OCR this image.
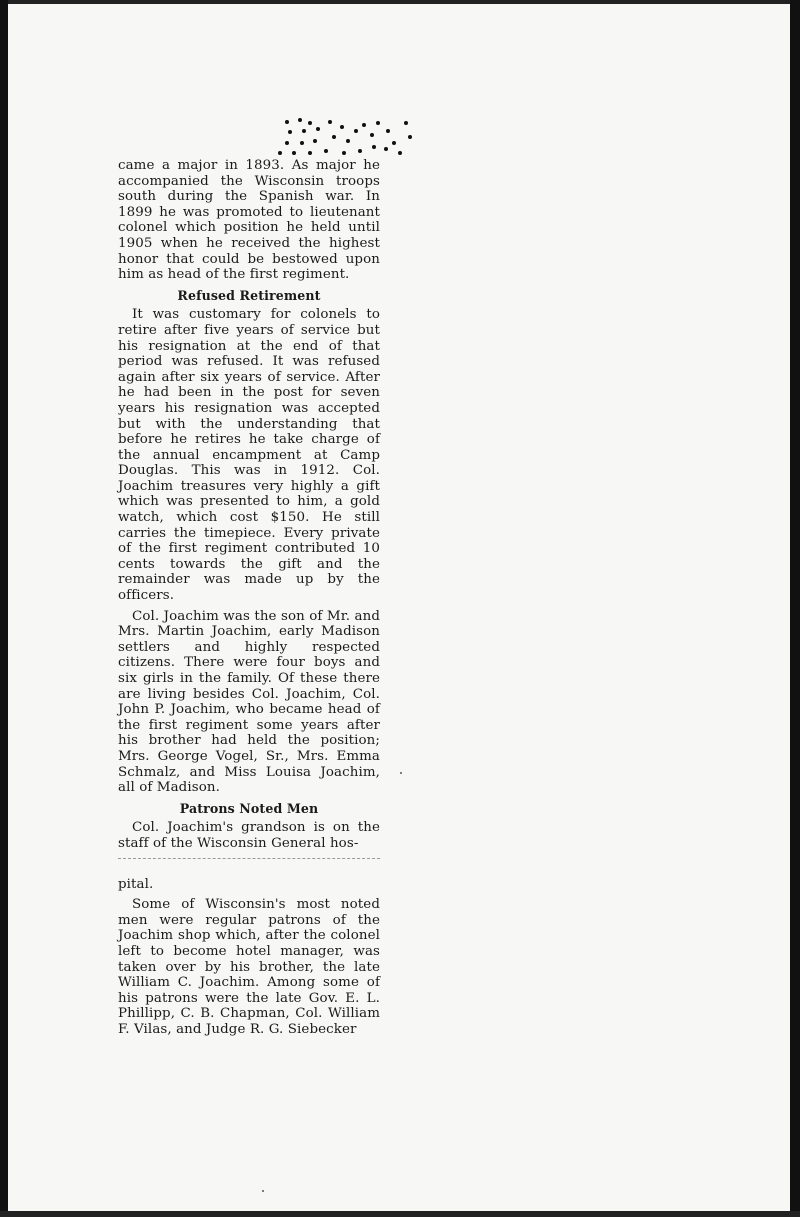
came a major in 1893. As major he accompanied the Wisconsin troops south during the Spanish war. In 1899 he was promoted to lieutenant colonel which position he held until 1905 when he received the highest honor that could be bestowed upon him as head of the first regiment.

Refused Retirement

It was customary for colonels to retire after five years of service but his resignation at the end of that period was refused. It was refused again after six years of service. After he had been in the post for seven years his resignation was accepted but with the understanding that before he retires he take charge of the annual encampment at Camp Douglas. This was in 1912. Col. Joachim treasures very highly a gift which was presented to him, a gold watch, which cost $150. He still carries the timepiece. Every private of the first regiment contributed 10 cents towards the gift and the remainder was made up by the officers.

Col. Joachim was the son of Mr. and Mrs. Martin Joachim, early Madison settlers and highly respected citizens. There were four boys and six girls in the family. Of these there are living besides Col. Joachim, Col. John P. Joachim, who became head of the first regiment some years after his brother had held the position; Mrs. George Vogel, Sr., Mrs. Emma Schmalz, and Miss Louisa Joachim, all of Madison.

Patrons Noted Men

Col. Joachim's grandson is on the staff of the Wisconsin General hos-

pital.

Some of Wisconsin's most noted men were regular patrons of the Joachim shop which, after the colonel left to become hotel manager, was taken over by his brother, the late William C. Joachim. Among some of his patrons were the late Gov. E. L. Phillipp, C. B. Chapman, Col. William F. Vilas, and Judge R. G. Siebecker
